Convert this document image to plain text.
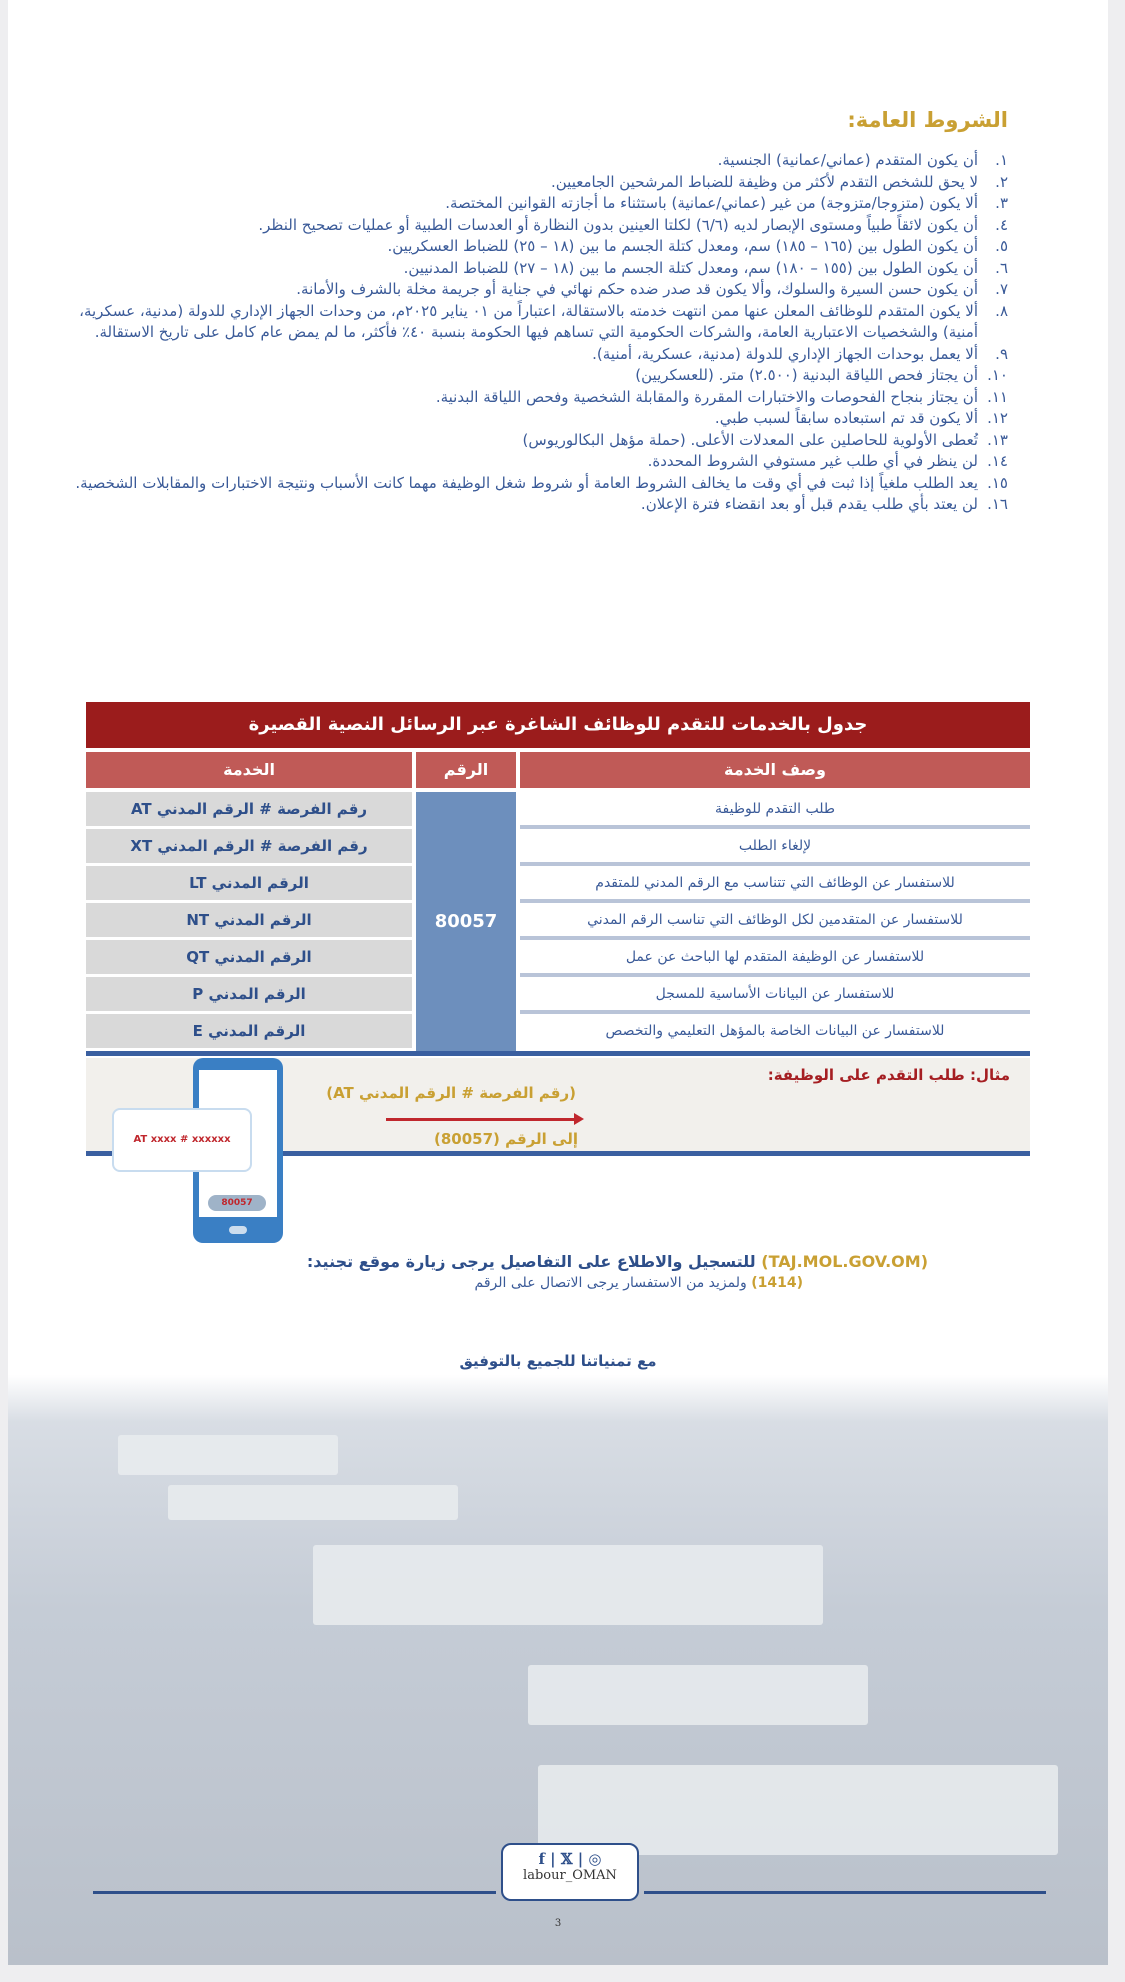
الشروط العامة:
١.
أن يكون المتقدم (عماني/عمانية) الجنسية.
٢.
لا يحق للشخص التقدم لأكثر من وظيفة للضباط المرشحين الجامعيين.
٣.
ألا يكون (متزوجا/متزوجة) من غير (عماني/عمانية) باستثناء ما أجازته القوانين المختصة.
٤.
أن يكون لائقاً طبياً ومستوى الإبصار لديه (٦/٦) لكلتا العينين بدون النظارة أو العدسات الطبية أو عمليات تصحيح النظر.
٥.
أن يكون الطول بين (١٦٥ – ١٨٥) سم، ومعدل كتلة الجسم ما بين (١٨ – ٢٥) للضباط العسكريين.
٦.
أن يكون الطول بين (١٥٥ – ١٨٠) سم، ومعدل كتلة الجسم ما بين (١٨ – ٢٧) للضباط المدنيين.
٧.
أن يكون حسن السيرة والسلوك، وألا يكون قد صدر ضده حكم نهائي في جناية أو جريمة مخلة بالشرف والأمانة.
٨.
ألا يكون المتقدم للوظائف المعلن عنها ممن انتهت خدمته بالاستقالة، اعتباراً من ٠١ يناير ٢٠٢٥م، من وحدات الجهاز الإداري للدولة (مدنية، عسكرية، أمنية) والشخصيات الاعتبارية العامة، والشركات الحكومية التي تساهم فيها الحكومة بنسبة ٤٠٪ فأكثر، ما لم يمض عام كامل على تاريخ الاستقالة.
٩.
ألا يعمل بوحدات الجهاز الإداري للدولة (مدنية، عسكرية، أمنية).
١٠.
أن يجتاز فحص اللياقة البدنية (٢.٥٠٠) متر. (للعسكريين)
١١.
أن يجتاز بنجاح الفحوصات والاختبارات المقررة والمقابلة الشخصية وفحص اللياقة البدنية.
١٢.
ألا يكون قد تم استبعاده سابقاً لسبب طبي.
١٣.
تُعطى الأولوية للحاصلين على المعدلات الأعلى. (حملة مؤهل البكالوريوس)
١٤.
لن ينظر في أي طلب غير مستوفي الشروط المحددة.
١٥.
يعد الطلب ملغياً إذا ثبت في أي وقت ما يخالف الشروط العامة أو شروط شغل الوظيفة مهما كانت الأسباب ونتيجة الاختبارات والمقابلات الشخصية.
١٦.
لن يعتد بأي طلب يقدم قبل أو بعد انقضاء فترة الإعلان.
جدول بالخدمات للتقدم للوظائف الشاغرة عبر الرسائل النصية القصيرة
وصف الخدمة
الرقم
الخدمة
طلب التقدم للوظيفة
لإلغاء الطلب
للاستفسار عن الوظائف التي تتناسب مع الرقم المدني للمتقدم
للاستفسار عن المتقدمين لكل الوظائف التي تناسب الرقم المدني
للاستفسار عن الوظيفة المتقدم لها الباحث عن عمل
للاستفسار عن البيانات الأساسية للمسجل
للاستفسار عن البيانات الخاصة بالمؤهل التعليمي والتخصص
80057
رقم الفرصة # الرقم المدني AT
رقم الفرصة # الرقم المدني XT
الرقم المدني LT
الرقم المدني NT
الرقم المدني QT
الرقم المدني P
الرقم المدني E
مثال: طلب التقدم على الوظيفة:
(رقم الفرصة # الرقم المدني AT)
إلى الرقم (80057)
AT xxxx # xxxxxx
80057
(TAJ.MOL.GOV.OM) للتسجيل والاطلاع على التفاصيل يرجى زيارة موقع تجنيد:
(1414) ولمزيد من الاستفسار يرجى الاتصال على الرقم
مع تمنياتنا للجميع بالتوفيق
f | 𝕏 | ◎
labour_OMAN
3
